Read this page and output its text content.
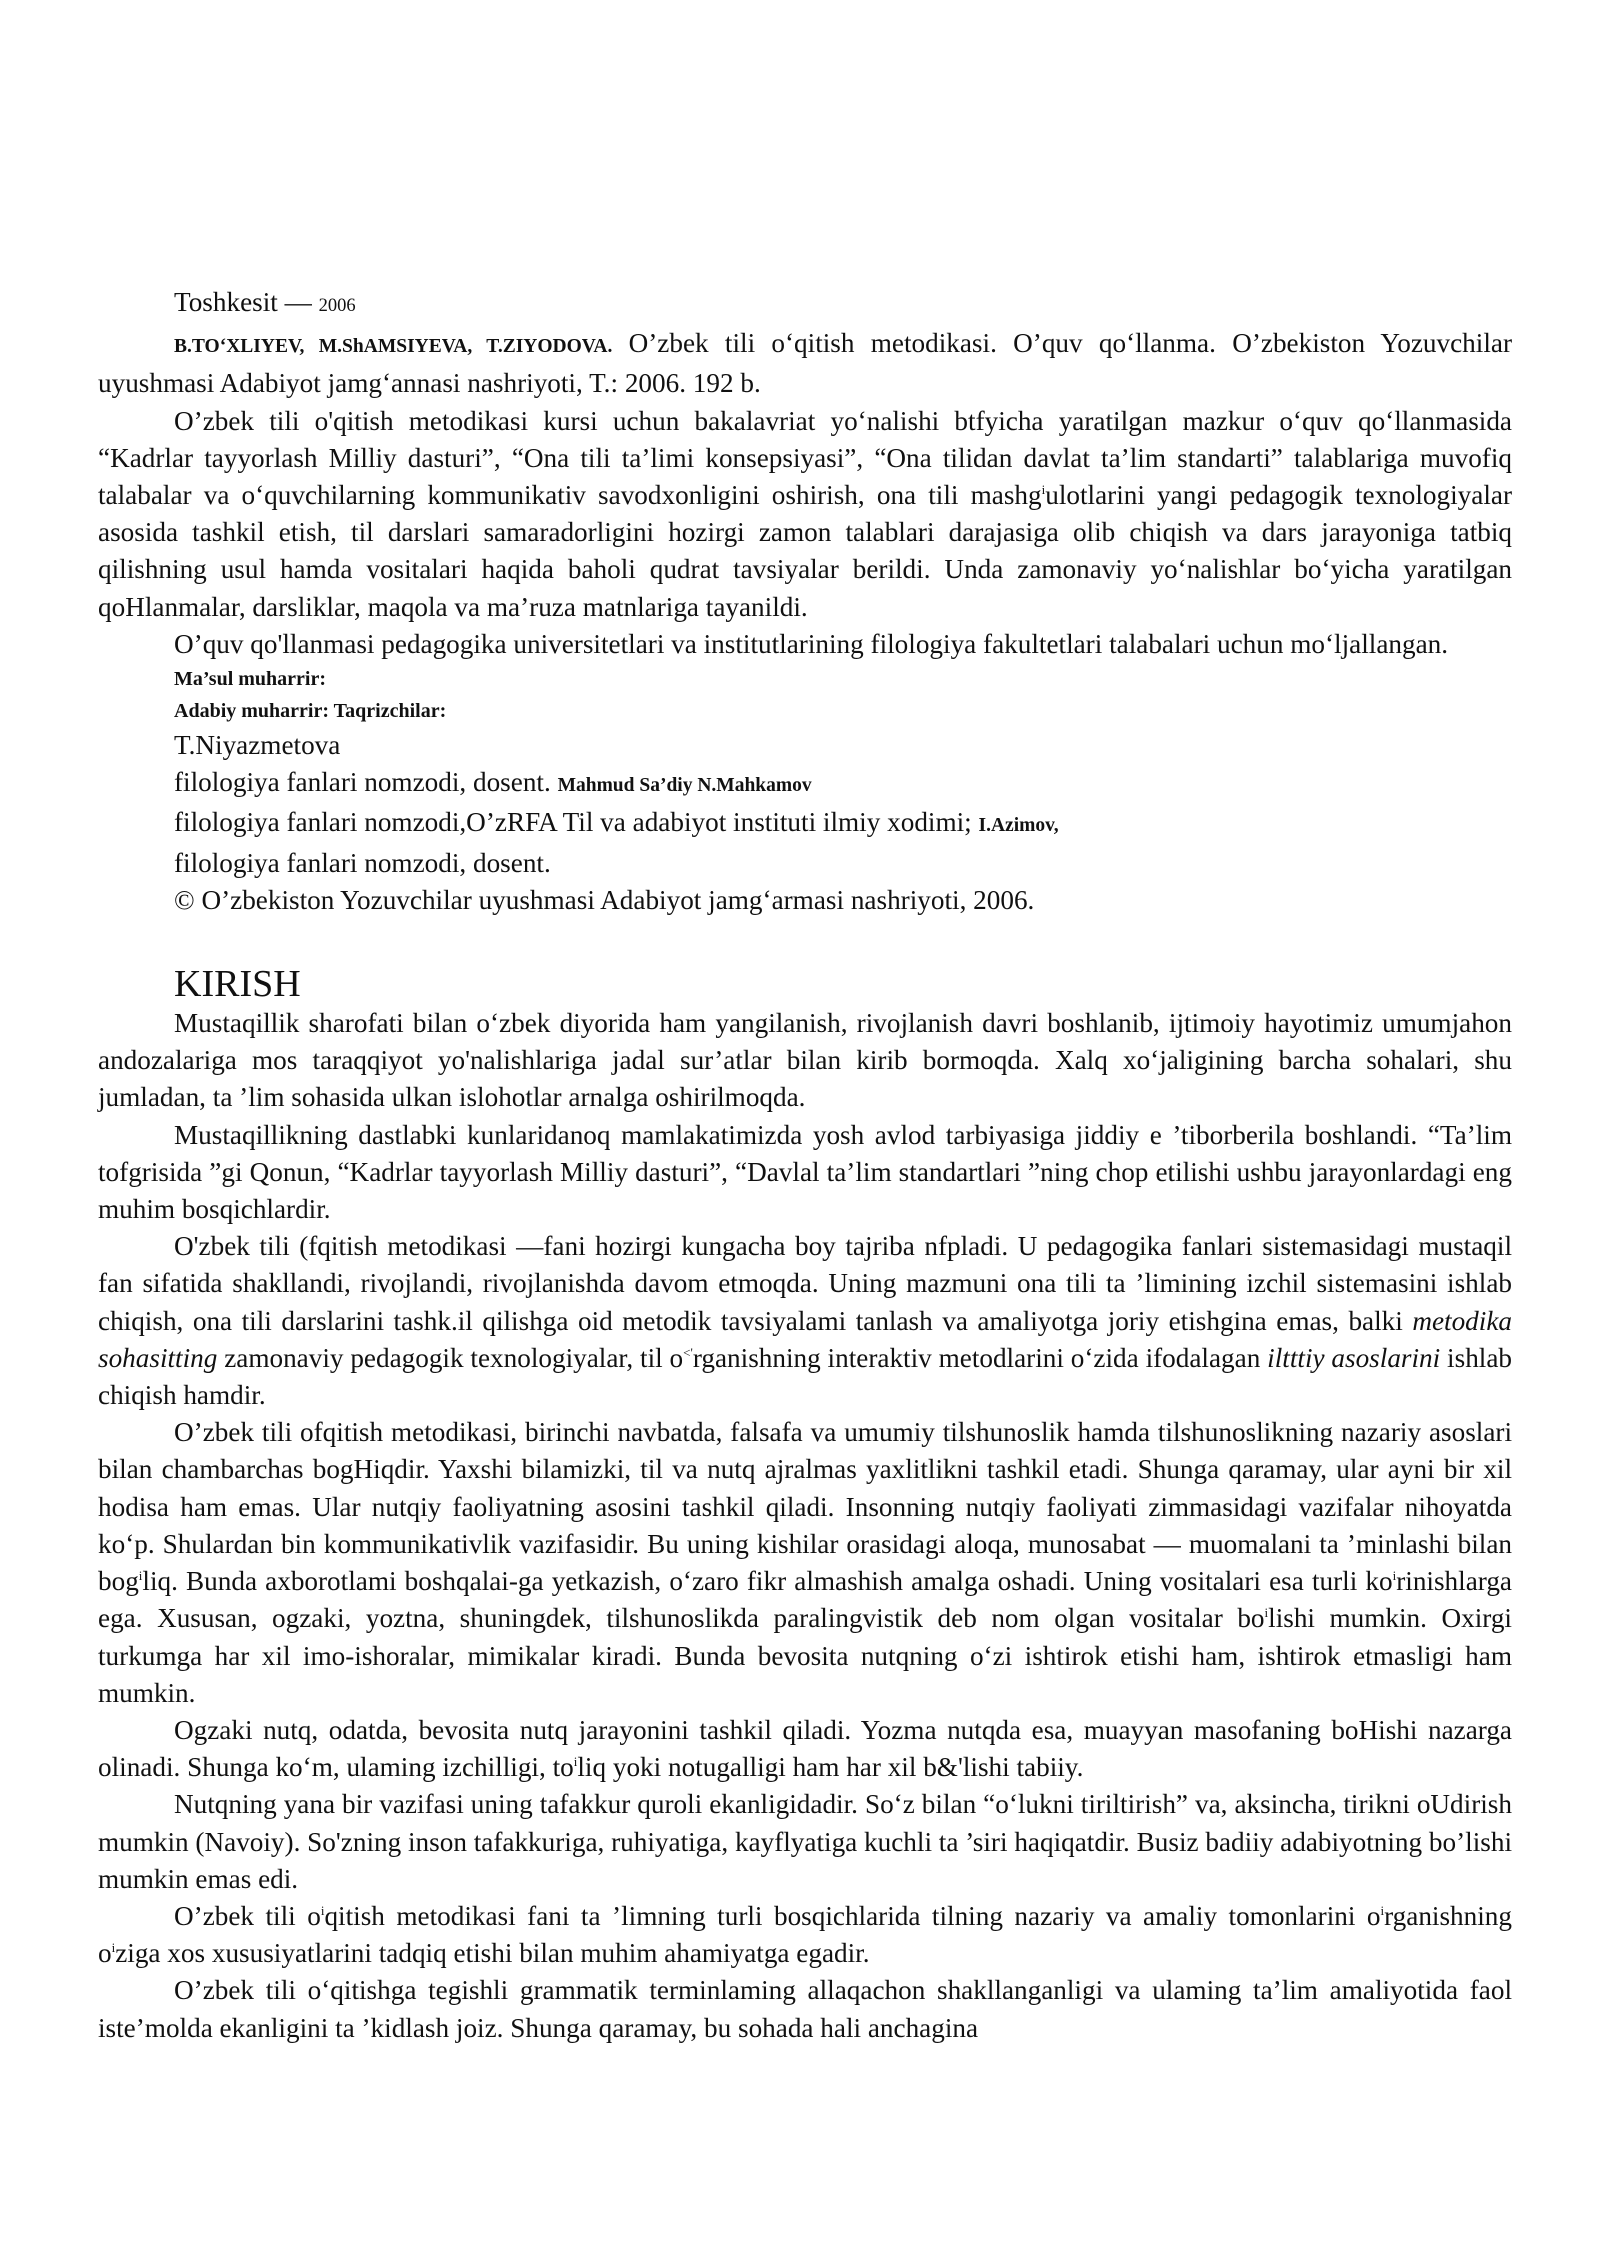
Toshkesit — 2006

B.TO‘XLIYEV, M.ShAMSIYEVA, T.ZIYODOVA. O’zbek tili o‘qitish metodikasi. O’quv qo‘llanma. O’zbekiston Yozuvchilar uyushmasi Adabiyot jamg‘annasi nashriyoti, T.: 2006. 192 b.

O’zbek tili o'qitish metodikasi kursi uchun bakalavriat yo‘nalishi btfyicha yaratilgan mazkur o‘quv qo‘llanmasida “Kadrlar tayyorlash Milliy dasturi”, “Ona tili ta’limi konsepsiyasi”, “Ona tilidan davlat ta’lim standarti” talablariga muvofiq talabalar va o‘quvchilarning kommunikativ savodxonligini oshirish, ona tili mashg$^i$ulotlarini yangi pedagogik texnologiyalar asosida tashkil etish, til darslari samaradorligini hozirgi zamon talablari darajasiga olib chiqish va dars jarayoniga tatbiq qilishning usul hamda vositalari haqida baholi qudrat tavsiyalar berildi. Unda zamonaviy yo‘nalishlar bo‘yicha yaratilgan qoHlanmalar, darsliklar, maqola va ma’ruza matnlariga tayanildi.

O’quv qo'llanmasi pedagogika universitetlari va institutlarining filologiya fakultetlari talabalari uchun mo‘ljallangan.

Ma’sul muharrir:
Adabiy muharrir: Taqrizchilar:

T.Niyazmetova

filologiya fanlari nomzodi, dosent. Mahmud Sa’diy N.Mahkamov

filologiya fanlari nomzodi,O’zRFA Til va adabiyot instituti ilmiy xodimi; I.Azimov,

filologiya fanlari nomzodi, dosent.

© O’zbekiston Yozuvchilar uyushmasi Adabiyot jamg‘armasi nashriyoti, 2006.

KIRISH

Mustaqillik sharofati bilan o‘zbek diyorida ham yangilanish, rivojlanish davri boshlanib, ijtimoiy hayotimiz umumjahon andozalariga mos taraqqiyot yo'nalishlariga jadal sur’atlar bilan kirib bormoqda. Xalq xo‘jaligining barcha sohalari, shu jumladan, ta ’lim sohasida ulkan islohotlar arnalga oshirilmoqda.

Mustaqillikning dastlabki kunlaridanoq mamlakatimizda yosh avlod tarbiyasiga jiddiy e ’tiborberila boshlandi. “Ta’lim tofgrisida ”gi Qonun, “Kadrlar tayyorlash Milliy dasturi”, “Davlal ta’lim standartlari ”ning chop etilishi ushbu jarayonlardagi eng muhim bosqichlardir.

O'zbek tili (fqitish metodikasi —fani hozirgi kungacha boy tajriba nfpladi. U pedagogika fanlari sistemasidagi mustaqil fan sifatida shakllandi, rivojlandi, rivojlanishda davom etmoqda. Uning mazmuni ona tili ta ’limining izchil sistemasini ishlab chiqish, ona tili darslarini tashk.il qilishga oid metodik tavsiyalami tanlash va amaliyotga joriy etishgina emas, balki metodika sohasitting zamonaviy pedagogik texnologiyalar, til o<'rganishning interaktiv metodlarini o‘zida ifodalagan iltttiy asoslarini ishlab chiqish hamdir.

O’zbek tili ofqitish metodikasi, birinchi navbatda, falsafa va umumiy tilshunoslik hamda tilshunoslikning nazariy asoslari bilan chambarchas bogHiqdir. Yaxshi bilamizki, til va nutq ajralmas yaxlitlikni tashkil etadi. Shunga qaramay, ular ayni bir xil hodisa ham emas. Ular nutqiy faoliyatning asosini tashkil qiladi. Insonning nutqiy faoliyati zimmasidagi vazifalar nihoyatda ko‘p. Shulardan bin kommunikativlik vazifasidir. Bu uning kishilar orasidagi aloqa, munosabat — muomalani ta ’minlashi bilan bog$^i$liq. Bunda axborotlami boshqalai-ga yetkazish, o‘zaro fikr almashish amalga oshadi. Uning vositalari esa turli $ko^irinishlarga$ ega. Xususan, ogzaki, yoztna, shuningdek, tilshunoslikda paralingvistik deb nom olgan vositalar $bo^ilishi$ mumkin. Oxirgi turkumga har xil imo-ishoralar, mimikalar kiradi. Bunda bevosita nutqning o‘zi ishtirok etishi ham, ishtirok etmasligi ham mumkin.

Ogzaki nutq, odatda, bevosita nutq jarayonini tashkil qiladi. Yozma nutqda esa, muayyan masofaning boHishi nazarga olinadi. Shunga ko‘m, ulaming izchilligi, $to^iliq$ yoki notugalligi ham har xil b&'lishi tabiiy.

Nutqning yana bir vazifasi uning tafakkur quroli ekanligidadir. So‘z bilan “o‘lukni tiriltirish” va, aksincha, tirikni oUdirish mumkin (Navoiy). So'zning inson tafakkuriga, ruhiyatiga, kayflyatiga kuchli ta ’siri haqiqatdir. Busiz badiiy adabiyotning bo’lishi mumkin emas edi.

O’zbek tili $o^iqitish$ metodikasi fani ta ’limning turli bosqichlarida tilning nazariy va amaliy tomonlarini $o^irganishning$ $o^iziga$ xos xususiyatlarini tadqiq etishi bilan muhim ahamiyatga egadir.

O’zbek tili o‘qitishga tegishli grammatik terminlaming allaqachon shakllanganligi va ulaming ta’lim amaliyotida faol iste’molda ekanligini ta ’kidlash joiz. Shunga qaramay, bu sohada hali anchagina
